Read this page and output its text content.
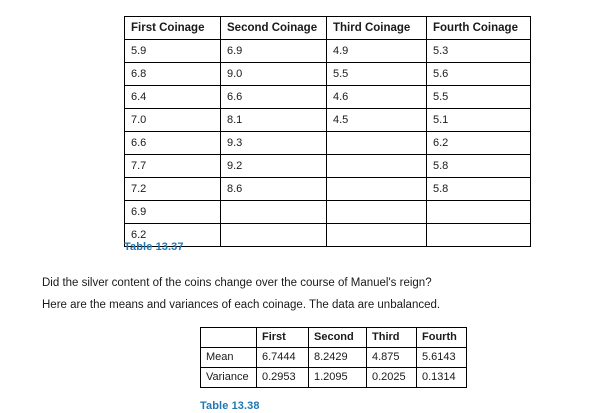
First Coinage	Second Coinage	Third Coinage	Fourth Coinage
5.9	6.9	4.9	5.3
6.8	9.0	5.5	5.6
6.4	6.6	4.6	5.5
7.0	8.1	4.5	5.1
6.6	9.3		6.2
7.7	9.2		5.8
7.2	8.6		5.8
6.9			
6.2			
Table 13.37
Did the silver content of the coins change over the course of Manuel's reign?
Here are the means and variances of each coinage. The data are unbalanced.
	First	Second	Third	Fourth
Mean	6.7444	8.2429	4.875	5.6143
Variance	0.2953	1.2095	0.2025	0.1314
Table 13.38
